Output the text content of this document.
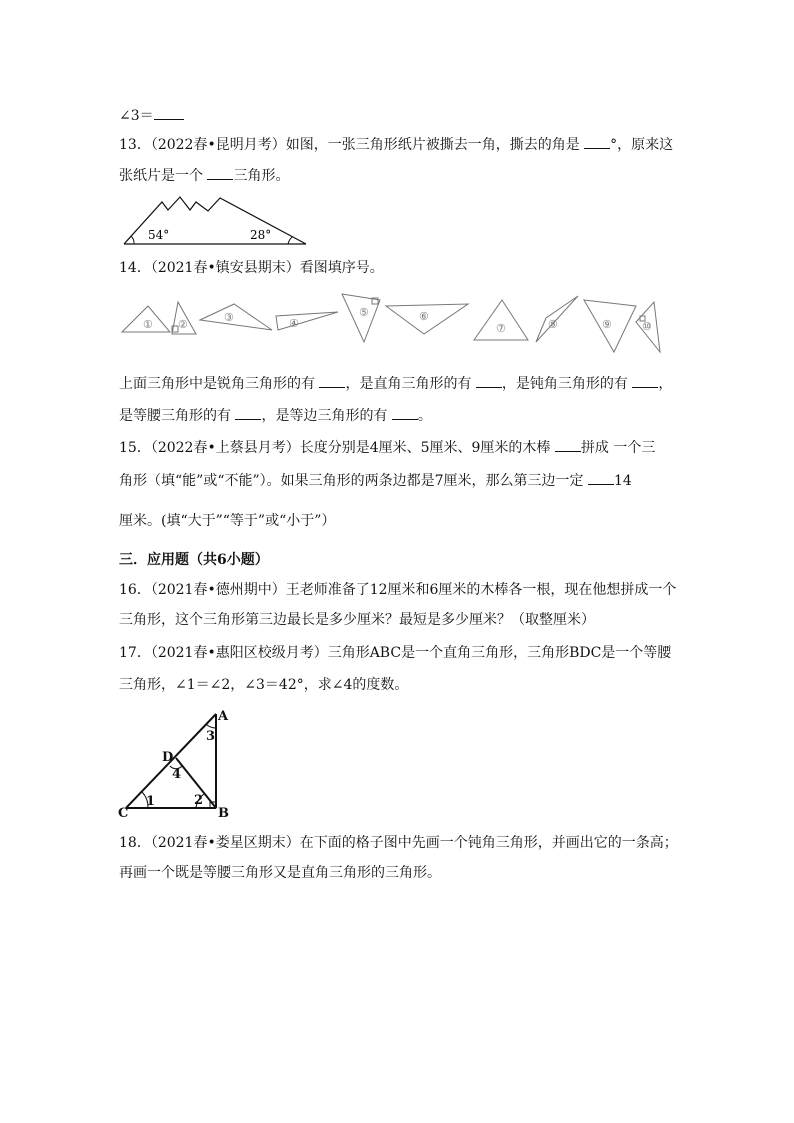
∠3＝
13．（2022春•昆明月考）如图，一张三角形纸片被撕去一角，撕去的角是 °，原来这
张纸片是一个 三角形。
54°	28°
14．（2021春•镇安县期末）看图填序号。
① ②
③	④
⑤	⑥
⑦	⑧	⑨	⑩
上面三角形中是锐角三角形的有 ，是直角三角形的有 ，是钝角三角形的有 ，
是等腰三角形的有 ，是等边三角形的有 。
15．（2022春•上蔡县月考）长度分别是4厘米、5厘米、9厘米的木棒 拼成 一个三
角形（填“能”或“不能”）。如果三角形的两条边都是7厘米，那么第三边一定 14
厘米。(填“大于”“等于”或“小于”）
三．应用题（共6小题）
16．（2021春•德州期中）王老师准备了12厘米和6厘米的木棒各一根，现在他想拼成一个
三角形，这个三角形第三边最长是多少厘米？最短是多少厘米？（取整厘米）
17．（2021春•惠阳区校级月考）三角形ABC是一个直角三角形，三角形BDC是一个等腰
三角形，∠1＝∠2，∠3＝42°，求∠4的度数。
A
B
C
D
1	2
3
4
18．（2021春•娄星区期末）在下面的格子图中先画一个钝角三角形，并画出它的一条高；
再画一个既是等腰三角形又是直角三角形的三角形。
